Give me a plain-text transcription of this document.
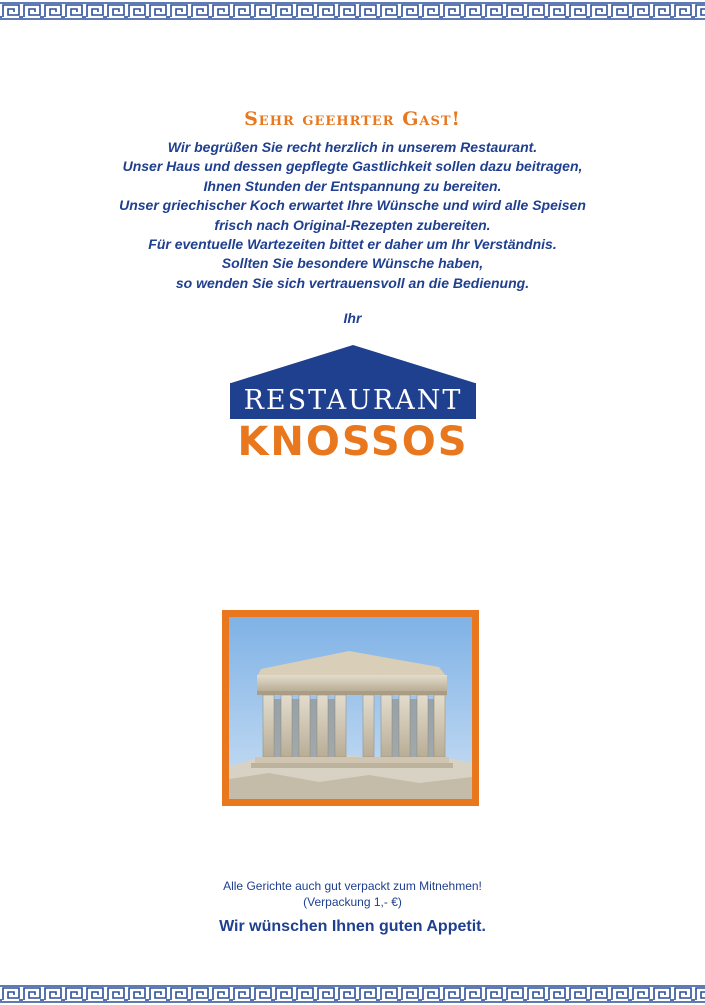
Sehr geehrter Gast!
Wir begrüßen Sie recht herzlich in unserem Restaurant.
Unser Haus und dessen gepflegte Gastlichkeit sollen dazu beitragen,
Ihnen Stunden der Entspannung zu bereiten.
Unser griechischer Koch erwartet Ihre Wünsche und wird alle Speisen
frisch nach Original-Rezepten zubereiten.
Für eventuelle Wartezeiten bittet er daher um Ihr Verständnis.
Sollten Sie besondere Wünsche haben,
so wenden Sie sich vertrauensvoll an die Bedienung.
Ihr
RESTAURANT
KNOSSOS
Alle Gerichte auch gut verpackt zum Mitnehmen!
(Verpackung 1,- €)
Wir wünschen Ihnen guten Appetit.
